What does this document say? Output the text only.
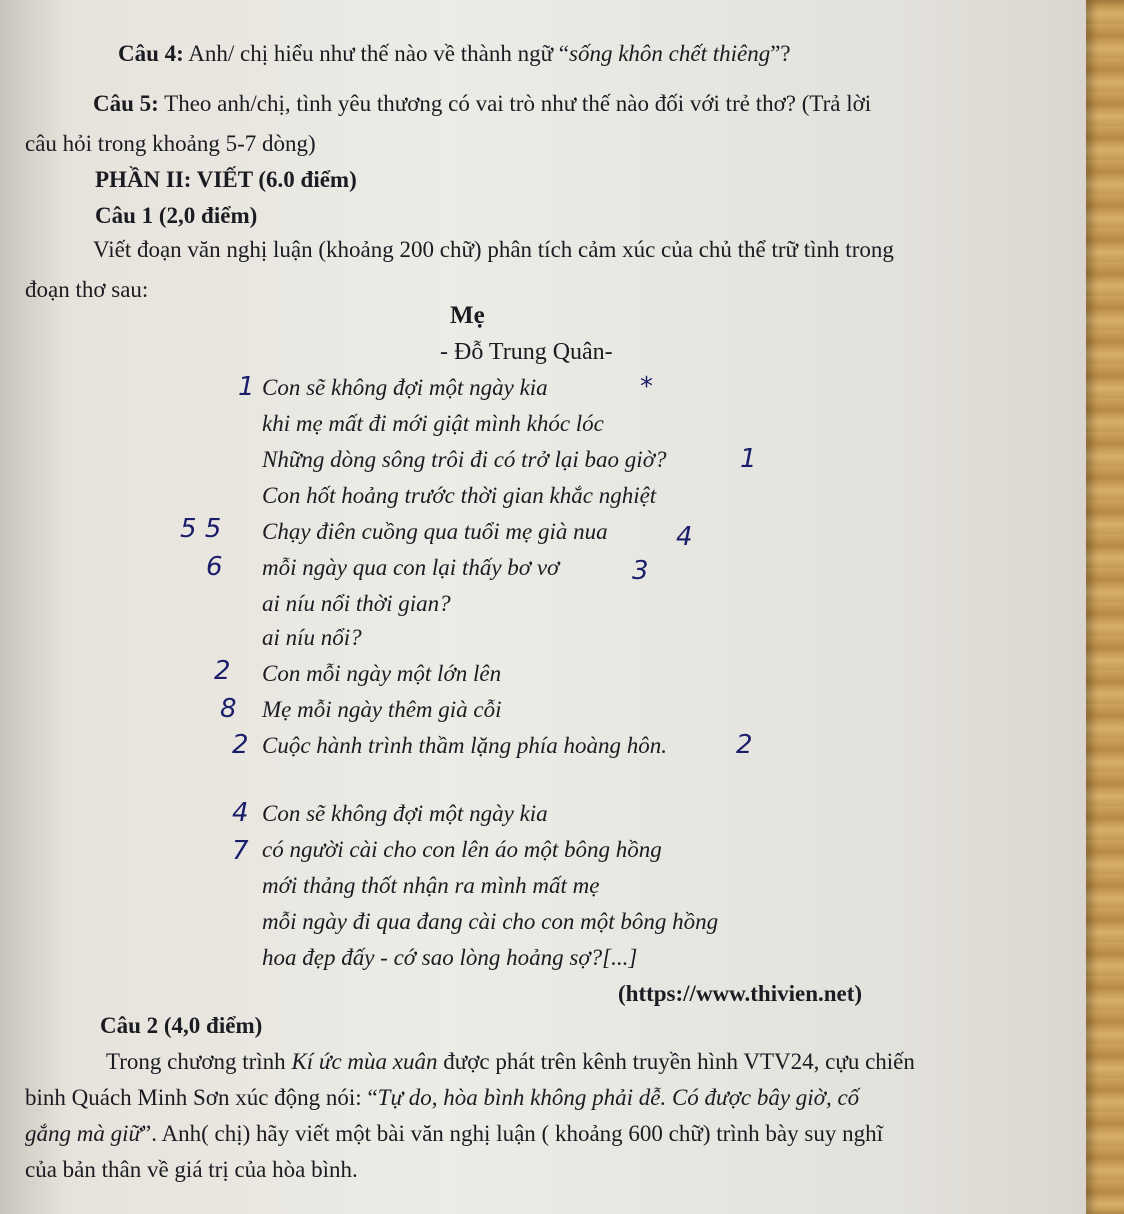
Câu 4: Anh/ chị hiểu như thế nào về thành ngữ “sống khôn chết thiêng”?
Câu 5: Theo anh/chị, tình yêu thương có vai trò như thế nào đối với trẻ thơ? (Trả lời
câu hỏi trong khoảng 5-7 dòng)
PHẦN II: VIẾT (6.0 điểm)
Câu 1 (2,0 điểm)
Viết đoạn văn nghị luận (khoảng 200 chữ) phân tích cảm xúc của chủ thể trữ tình trong
đoạn thơ sau:
Mẹ
- Đỗ Trung Quân-
Con sẽ không đợi một ngày kia
khi mẹ mất đi mới giật mình khóc lóc
Những dòng sông trôi đi có trở lại bao giờ?
Con hốt hoảng trước thời gian khắc nghiệt
Chạy điên cuồng qua tuổi mẹ già nua
mỗi ngày qua con lại thấy bơ vơ
ai níu nổi thời gian?
ai níu nổi?
Con mỗi ngày một lớn lên
Mẹ mỗi ngày thêm già cỗi
Cuộc hành trình thầm lặng phía hoàng hôn.
Con sẽ không đợi một ngày kia
có người cài cho con lên áo một bông hồng
mới thảng thốt nhận ra mình mất mẹ
mỗi ngày đi qua đang cài cho con một bông hồng
hoa đẹp đấy - cớ sao lòng hoảng sợ?[...]
(https://www.thivien.net)
1	*
1
5 5	4
6	3
2
8
2	2
4
7
Câu 2 (4,0 điểm)
Trong chương trình Kí ức mùa xuân được phát trên kênh truyền hình VTV24, cựu chiến
binh Quách Minh Sơn xúc động nói: “Tự do, hòa bình không phải dễ. Có được bây giờ, cố
gắng mà giữ”. Anh( chị) hãy viết một bài văn nghị luận ( khoảng 600 chữ) trình bày suy nghĩ
của bản thân về giá trị của hòa bình.
